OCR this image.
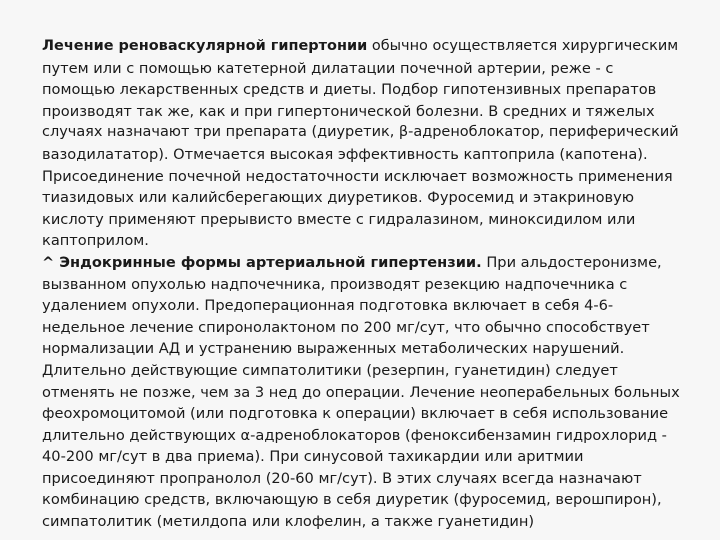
Лечение реноваскулярной гипертонии обычно осуществляется хирургическим
путем или с помощью катетерной дилатации почечной артерии, реже - с
помощью лекарственных средств и диеты. Подбор гипотензивных препаратов
производят так же, как и при гипертонической болезни. В средних и тяжелых
случаях назначают три препарата (диуретик, β-адреноблокатор, периферический
вазодилататор). Отмечается высокая эффективность каптоприла (капотена).
Присоединение почечной недостаточности исключает возможность применения
тиазидовых или калийсберегающих диуретиков. Фуросемид и этакриновую
кислоту применяют прерывисто вместе с гидралазином, миноксидилом или
каптоприлом.
^ Эндокринные формы артериальной гипертензии. При альдостеронизме,
вызванном опухолью надпочечника, производят резекцию надпочечника с
удалением опухоли. Предоперационная подготовка включает в себя 4-6-
недельное лечение спиронолактоном по 200 мг/сут, что обычно способствует
нормализации АД и устранению выраженных метаболических нарушений.
Длительно действующие симпатолитики (резерпин, гуанетидин) следует
отменять не позже, чем за 3 нед до операции. Лечение неоперабельных больных
феохромоцитомой (или подготовка к операции) включает в себя использование
длительно действующих α-адреноблокаторов (феноксибензамин гидрохлорид -
40-200 мг/сут в два приема). При синусовой тахикардии или аритмии
присоединяют пропранолол (20-60 мг/сут). В этих случаях всегда назначают
комбинацию средств, включающую в себя диуретик (фуросемид, верошпирон),
симпатолитик (метилдопа или клофелин, а также гуанетидин)
